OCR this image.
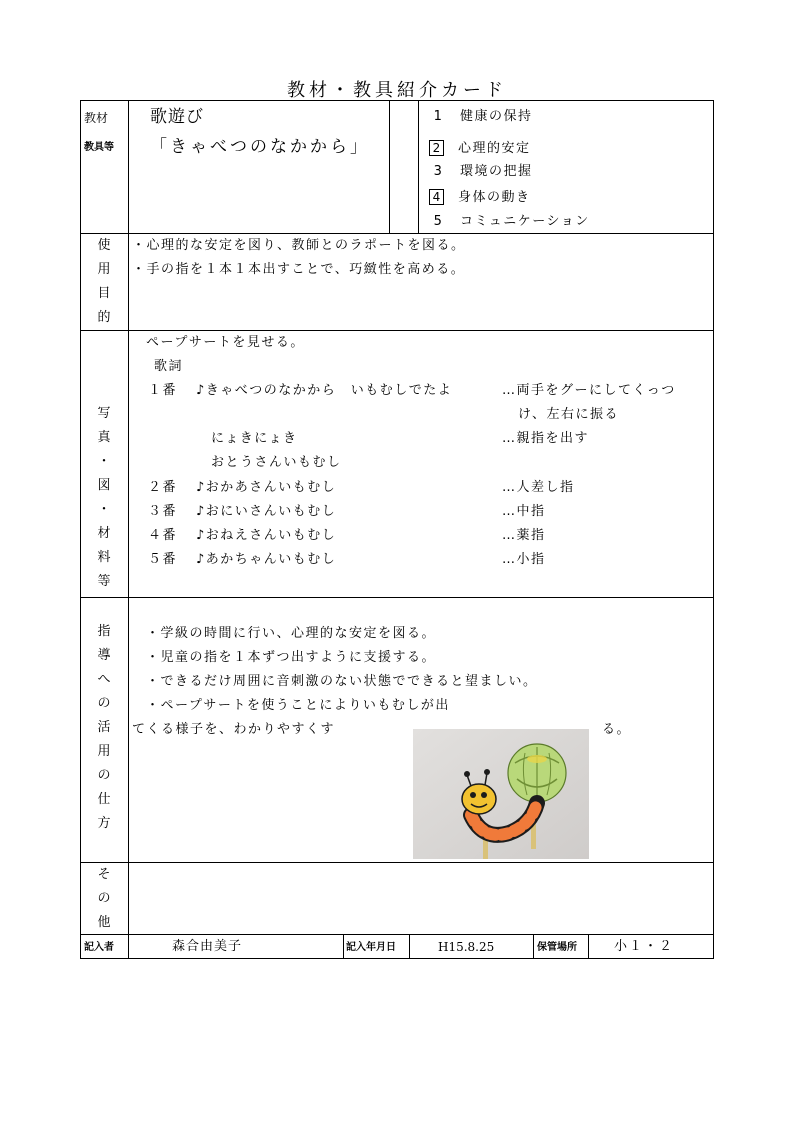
教材・教具紹介カード
教材
教具等
歌遊び
「きゃべつのなかから」
1 健康の保持
2 心理的安定
3 環境の把握
4 身体の動き
5 コミュニケーション
使
用
目
的
・心理的な安定を図り、教師とのラポートを図る。
・手の指を１本１本出すことで、巧緻性を高める。
写
真
・
図
・
材
料
等
ペープサートを見せる。
歌詞
１番 ♪きゃべつのなかから　いもむしでたよ	…両手をグーにしてくっつ
け、左右に振る
にょきにょき	…親指を出す
おとうさんいもむし
２番 ♪おかあさんいもむし	…人差し指
３番 ♪おにいさんいもむし	…中指
４番 ♪おねえさんいもむし	…薬指
５番 ♪あかちゃんいもむし	…小指
指
導
へ
の
活
用
の
仕
方
・学級の時間に行い、心理的な安定を図る。
・児童の指を１本ずつ出すように支援する。
・できるだけ周囲に音刺激のない状態でできると望ましい。
・ペープサートを使うことによりいもむしが出
てくる様子を、わかりやすくす	る。
そ
の
他
記入者	森合由美子	記入年月日	H15.8.25	保管場所	小１・２
